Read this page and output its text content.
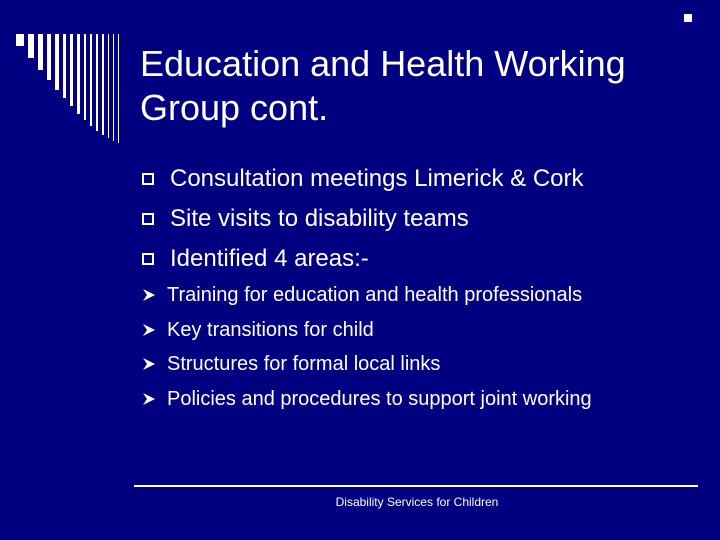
Education and Health Working Group cont.
Consultation meetings Limerick & Cork
Site visits to disability teams
Identified 4 areas:-
Training for education and health professionals
Key transitions for child
Structures for formal local links
Policies and procedures to support joint working
Disability Services for Children
